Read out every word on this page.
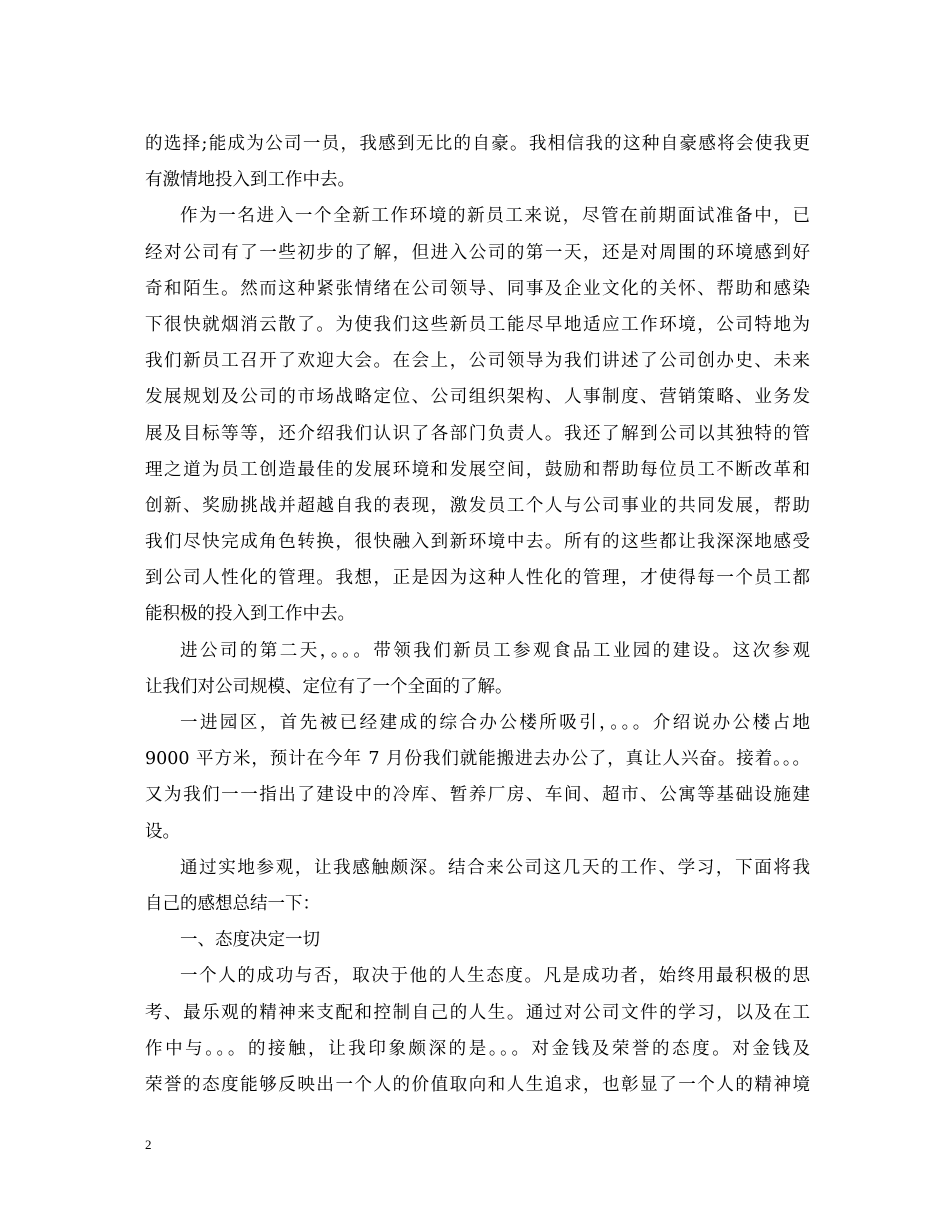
的选择;能成为公司一员，我感到无比的自豪。我相信我的这种自豪感将会使我更
有激情地投入到工作中去。
作为一名进入一个全新工作环境的新员工来说，尽管在前期面试准备中，已
经对公司有了一些初步的了解，但进入公司的第一天，还是对周围的环境感到好
奇和陌生。然而这种紧张情绪在公司领导、同事及企业文化的关怀、帮助和感染
下很快就烟消云散了。为使我们这些新员工能尽早地适应工作环境，公司特地为
我们新员工召开了欢迎大会。在会上，公司领导为我们讲述了公司创办史、未来
发展规划及公司的市场战略定位、公司组织架构、人事制度、营销策略、业务发
展及目标等等，还介绍我们认识了各部门负责人。我还了解到公司以其独特的管
理之道为员工创造最佳的发展环境和发展空间，鼓励和帮助每位员工不断改革和
创新、奖励挑战并超越自我的表现，激发员工个人与公司事业的共同发展，帮助
我们尽快完成角色转换，很快融入到新环境中去。所有的这些都让我深深地感受
到公司人性化的管理。我想，正是因为这种人性化的管理，才使得每一个员工都
能积极的投入到工作中去。
进公司的第二天，。。。带领我们新员工参观食品工业园的建设。这次参观
让我们对公司规模、定位有了一个全面的了解。
一进园区，首先被已经建成的综合办公楼所吸引，。。。介绍说办公楼占地
9000 平方米，预计在今年 7 月份我们就能搬进去办公了，真让人兴奋。接着。。。
又为我们一一指出了建设中的冷库、暂养厂房、车间、超市、公寓等基础设施建
设。
通过实地参观，让我感触颇深。结合来公司这几天的工作、学习，下面将我
自己的感想总结一下：
一、态度决定一切
一个人的成功与否，取决于他的人生态度。凡是成功者，始终用最积极的思
考、最乐观的精神来支配和控制自己的人生。通过对公司文件的学习，以及在工
作中与。。。的接触，让我印象颇深的是。。。对金钱及荣誉的态度。对金钱及
荣誉的态度能够反映出一个人的价值取向和人生追求，也彰显了一个人的精神境
2
